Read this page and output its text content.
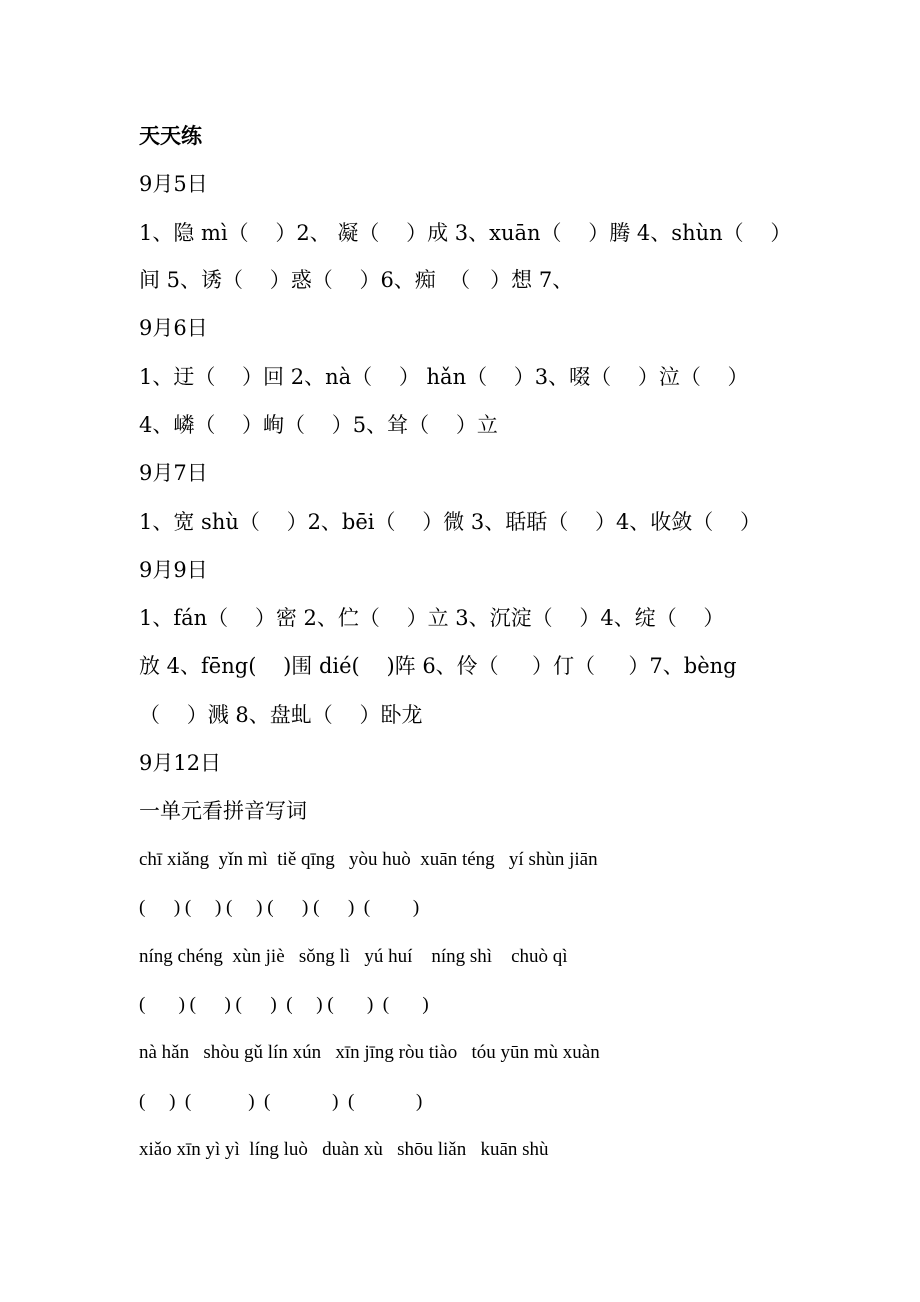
天天练
9月5日
1、隐 mì（    ）2、 凝（    ）成 3、xuān（    ）腾 4、shùn（    ）
间 5、诱（    ）惑（    ）6、痴  （   ）想 7、
9月6日
1、迂（    ）回 2、nà（    ） hǎn（    ）3、啜（    ）泣（    ）
4、嶙（    ）峋（    ）5、耸（    ）立
9月7日
1、宽 shù（    ）2、bēi（    ）微 3、聒聒（    ）4、收敛（    ）
9月9日
1、fán（    ）密 2、伫（    ）立 3、沉淀（    ）4、绽（    ）
放 4、fēng(    )围 dié(    )阵 6、伶（     ）仃（     ）7、bèng
（    ）溅 8、盘虬（    ）卧龙
9月12日
一单元看拼音写词
chī xiǎng  yǐn mì  tiě qīng   yòu huò  xuān téng   yí shùn jiān
(      ) (     ) (     ) (      ) (      )  (         )
níng chéng  xùn jiè   sǒng lì   yú huí    níng shì    chuò qì
(       ) (      ) (      )  (     ) (       )  (       )
nà hǎn   shòu gǔ lín xún   xīn jīng ròu tiào   tóu yūn mù xuàn
(     )  (            )  (             )  (             )
xiǎo xīn yì yì  líng luò   duàn xù   shōu liǎn   kuān shù
